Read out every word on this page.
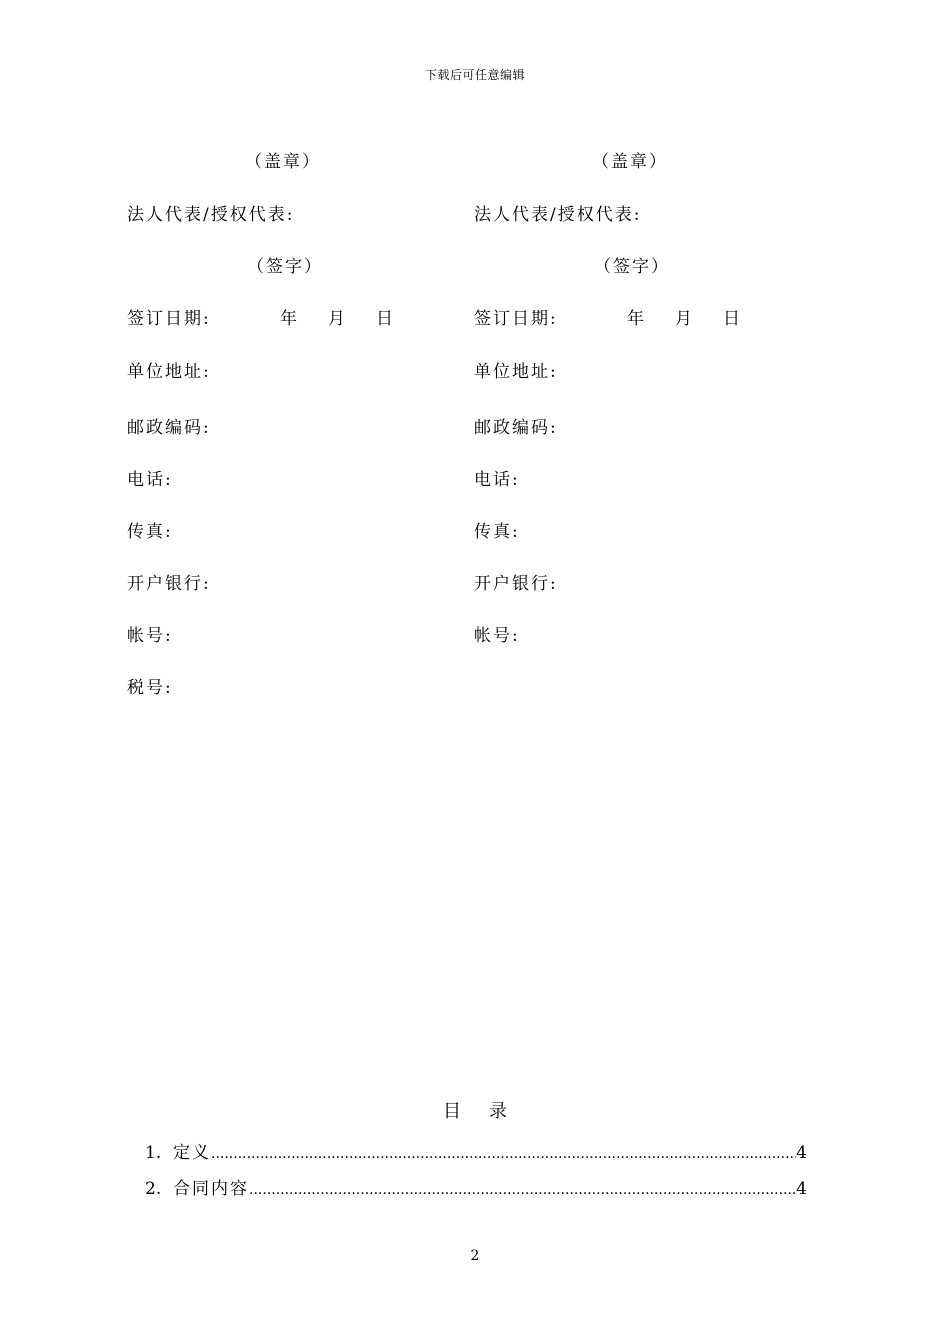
下载后可任意编辑
（盖章）
法人代表/授权代表:
（签字）
签订日期:	年 月 日
单位地址:
邮政编码:
电话:
传真:
开户银行:
帐号:
税号:
（盖章）
法人代表/授权代表:
（签字）
签订日期:	年 月 日
单位地址:
邮政编码:
电话:
传真:
开户银行:
帐号:
目 录
1. 定义 .....	4
2. 合同内容 .....	4
2
